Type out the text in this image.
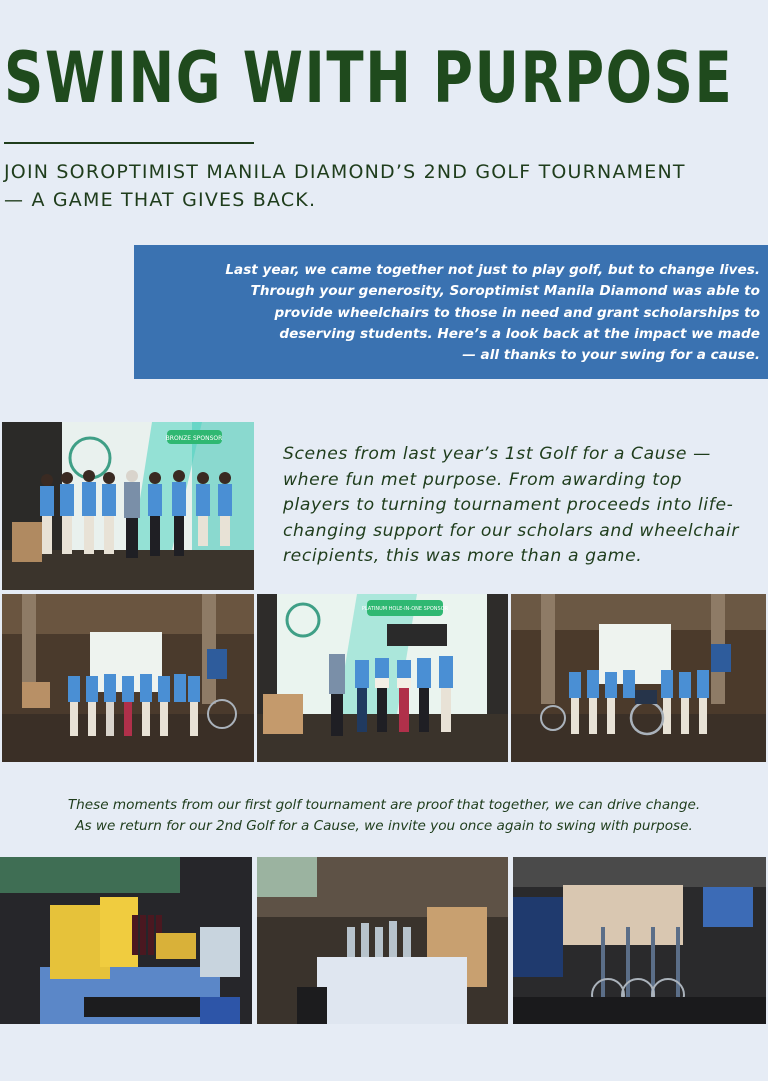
SWING WITH PURPOSE
JOIN SOROPTIMIST MANILA DIAMOND’S 2ND GOLF TOURNAMENT
— A GAME THAT GIVES BACK.

Last year, we came together not just to play golf, but to change lives.

Through your generosity, Soroptimist Manila Diamond was able to

provide wheelchairs to those in need and grant scholarships to

deserving students. Here’s a look back at the impact we made

— all thanks to your swing for a cause.

BRONZE SPONSOR
Scenes from last year’s 1st Golf for a Cause —
where fun met purpose. From awarding top
players to turning tournament proceeds into life-
changing support for our scholars and wheelchair
recipients, this was more than a game.
PLATINUM HOLE-IN-ONE SPONSOR
These moments from our first golf tournament are proof that together, we can drive change.
As we return for our 2nd Golf for a Cause, we invite you once again to swing with purpose.
